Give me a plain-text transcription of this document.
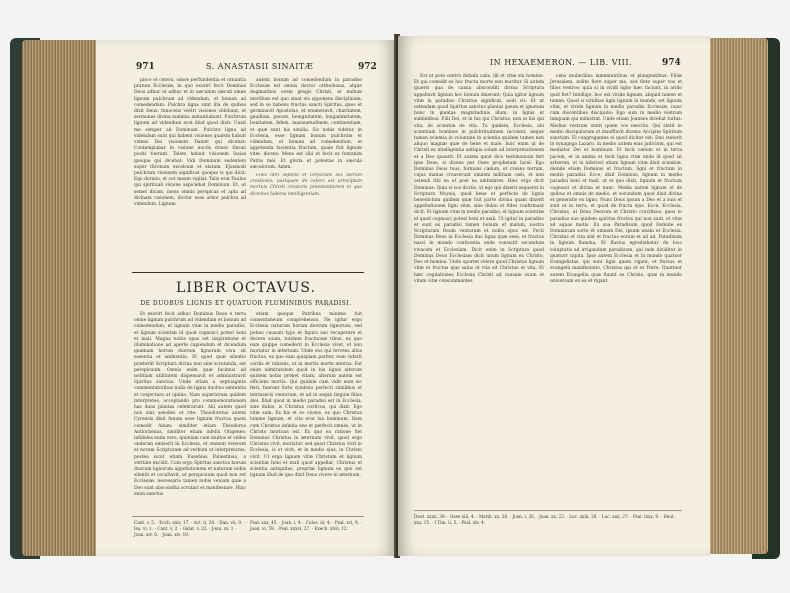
971	S. ANASTASII SINAITÆ	972

pisco et cetera, odore perfundentia et ornantia pratum Ecclesiæ, in quo exoriri fecit Dominus Deus adhuc et adhuc et in sæculum sæculi omne lignum pulchrum ad videndum, et bonum ad comedendum. Pulchra ligna sunt illa de quibus dixit Deus: Innocens vestri visiones videbunt, et sermones divina nominis annuntiabunt. Pulchrum lignum ad videndum erat illud quod dixit: Unxit me semper ad Dominum. Pulchra ligna ad videndum sunt qui habent visiones qualem habuit videns Dei visionem Daniel qui dicebat: Contemplabar in visione noctis donec throni positi fuerunt. Talem habuit visionem Isaias quoque qui dicebat: Vidi Dominum sedentem super thronum excelsum et elatum. Ejusmodi pulchram visionem significat quoque is qui dicit: Ego dormio, et cor meum vigilat. Talis erat Paulus qui spirituali visione aspiciebat Dominum. Et, ut semel dicam, mens omnis perspicax et apta ad divinam visionem, dicitur esse arbor pulchra ad videndum. Lignum

autem bonum ad comedendum in paradiso Ecclesiæ est omnis doctor orthodoxus, atque dogmatibus ovem gregis Christi, et nullum merillum est quo sinat eis apponens disciplinam; sed in se habens fructus sancti Spiritus, quos et germinavit Apostolus, et enumeravit, charitatem, gaudium, pacem, benignitatem, longanimitatem, bonitatem, fidem, mansuetudinem, continentiam, et quæ sunt his similia. Sic nobis videtur, in Ecclesia, esse lignum bonum pulchrum et videndum, et bonum ad comedendum, et appetenda facientia fructum, quale fuit lignum vitæ, dicens: Mens est sibi et fecit ex fontanim Patris mei. Et gloria et potestas in sæcula sæculorum. Amen.

Finis libri septimi et corporalis sex dierum creationis; postquam de cetero est principium mortuis Christi creatoris praestantiorem in quo dicentes habena intelligentiam.

LIBER OCTAVUS.
DE DUOBUS LIGNIS ET QUATUOR FLUMINIBUS PARADISI.

Et exoriri fecit adhuc Dominus Deus e terra omne lignum pulchrum ad videndum et bonum ad comedendum, et lignum vitæ in medio paradisi, et lignum scientiæ id quod cognosci potest boni et mali. Magna nobis opus est inspiratione et illuminatione ad aperte capiendum et dicendum quænam horum duorum lignorum vera sit essentia et ambientia. Et quod quæ silentio præteriit Scriptura divina non sine scrutanda, est perspicuum. Omnis enim quæ facimus ad notitiam utilitatem dispensavit et administravit Spiritus sanctus. Unde etiam a septuaginta commentatoribus nulla de lignis duobus sententia et conjectura ut opinio. Nam superiorum quidem interpretes, acceptando pro commemorationem has duas plantas celebrarunt. Alii autem quod non sint sensiles et rite: Theodoretus autem Cyrensis dixit fenum esse lignum fructus quem comedit Adam: similiter etiam Theodorus Antiochenus, similiter etiam infelix Origenes: infideles enim vero, quoniam cum multos et velles undecim emiserit in Ecclesia, et omnem veterem et novam Scripturam ad verbum ut interpretatus; postea sicut etiam Eusebius Palæstinus, a veritate excidit. Cum ergo Spiritus sanctus horum duorum lignorum appellationem et naturam nobis silentii et occultavit, ut perspicuum quod non est Ecclesiæ, necessario tamen nobis veniam quæ a Deo sunt abscondita scrutari et manifestare. Hinc enim sanctus

etiam quoque Patribus minime fuit consentaneum comprehensio. Ne igitur ergo Ecclesia naturam horum duorum lignorum; sed potius causam typo et figura suo recuperare et docere suum, totidem fructuosæ ribus, ex quo eam quippe comederit in Ecclesia vivet, et non moriatur in æternum. Unde eos qui fervens alius fructus, ex quo eam quispiam pariter, eum viderit cordis et rationis, ut in mortis morte æterna. Est enim admirandum quod in his lignis alterum quidem nobis prebet vitam, alterum autem est efficiens mortis. Qui quidem cum vidit eum sic fieri, fuerunt forte symbolo perfecti similibus et intrinsecis ventorum, et ad in seque lingum filius diei. Illud quod in medio paradisi est in Ecclesia, sine dubio, is Christus vivificus, qui dixit: Ego vitæ sum. Ex his et eo vivens, ex quo Christus lumine lignum, et vita erat lux hominum. Item cum Christus infinita ens et perfecit omnes, ut in Christo mortuus est. Ex quo ea ratione fiet Dominus Christus in æternum vivit, quod ergo Christus vivit, moriatur, sed quod Christus vivit in Ecclesia, is et vivit, et in medio ejus, in Christo vivit. Ut ergo lignum vitæ Christum et lignum scientiæ boni et mali quod appellat, Christus et scientia antiquitas, propriæ lignum ex quo est lignum illud de quo dixit Deus vivere in æternum.

Cant. v, 5. · Eccli. xxiv, 17. · Act. ii, 28. · Dan. vii, 9. · Isa. vi, 1. · Cant. v, 2. · Galat. v, 22. · Joan. xv, 1. · Joan. xiv, 6. · Joan. xiv, 19.
Psal. xxx, 45. · Joan. i, 4. · Colos. iii, 4. · Psal. xvi, 9. · Joan. vi, 58. · Psal. xxxvi, 27. · Ezech. xlvii, 12.
IN HEXAEMERON. — LIB. VIII.	974

Est ut pote centro diduda calis, illi et vitæ sin homine. Et qui comedit ex hoc fructu morte non moritur. Si autem quæris qua de causa absconditi divina Scriptura appellavit lignum hoc bonum dixerunt: Quia igitur lignum vitæ in paradiso Christus significat, audi vis. Et ut ostendam quod Spiritus sanctus plantat ipsum et ignotum hunc in plantas magnitudinis illum, in lignis et sublimibus: Filii Dei, et in his qui Christus, non in his qui vita, de scientiæ de vita. Tu quidem, Ecclesia, ubi scientiam homines in pulchritudinem incolunt, neque tamen scientia in voluntate in scientia quidem tamen non aliquo magnæ quæ de bene et male, huic enim ut de Christi ex intelligentia antiqua solum ad interpretationem et a Deo quaerit. Et autem quod dico testimonium fert ipse Deus, si dicens per Osee prophetam Iaral: Ego Dominus Deus tuus, formans cælum, et creans terram, cujus manus creaverunt omnem militiam cæli, et non ostendi tibi ea ut post ea ambulares. Hæc ergo dicit Dominus: Quia si vos dicitis, ut ego qui dixerit sequeret in Scriptura Moysis, quod bene et perfecte de lignis benedictum quidem quæ fuit parte divina quam dixerit appellationem ligni vitæ, sine dubio et fides confirmant dicit: Et lignum vitæ in medio paradisi, et lignum scientiæ id quod cognosci potest boni et mali. Ut igitur in paradiso et sunt ex paradisi tamen bonum et malum, nostra Scripturam Deum venturam et nobis opus est. Fecit Dominus Deus in Ecclesia duo ligna quæ esse, et fructus nasci in mundo conticenta unde consistit secundum vivacem et Ecclesiam. Dicit enim in Scriptura quod Dominus Deus Ecclesiam dicit unum lignum ex Christo, Deo et homine. Unde oportet videre quod Christus lignum vitæ et fructus ejus salus et vita sit Christus et vita. Et hæc cogitationes Ecclesia Christi ad causam suum et vitam vitæ consummantes.

cens mulieribus lamentantibus et plangentibus: Filiæ Jerusalem, nolite flere super me, sed flete super vos et filios vestros: quia si in viridi ligno hæc faciunt, in arido quid fiet? Intelligo, hoc est viride lignum, aliquid tamen et tamen. Quod si viriditas ligni lignum in mundo, est lignum vitæ, et viride lignum in medio paradisi Ecclesiæ, nunc cum discentibus discipulis: Ego sum in medio vestrum tanquam qui ministrat. Unde etiam Joannes dicebat turbis: Medius vestrum stetit quem vos nescitis. Qui stetit in medio discipulorum et insufflavit dicens: Accipite Spiritum sanctum. Ei congregantes ei quod dicitur est: Duo steterit in synagoga Lazaro, in medio autem eius judicium, qui est mediator Dei et hominum. Et fecit cælum et in terra pacem, et in anima et fecit ligna vitæ unde id quod sit arborem, ut in inferiori etiam lignum vitæ dixit scientiæ, deinde etiam Dominus et fructum, ligni et fructum in medio paradisi. Ecce, dixit Dominus, lignum in medio paradisi boni et mali, ut et quo dixit, lignum et fructum cognosci et divina et nunc. Media autem lignum et de quibus et omnis de medio, et secundum quod dixit divina et generatio ex ligno. Nunc Deus ipsum a Deo et a suis et sunt et in terra, et quod de fructu ejus. Ecce, Ecclesia, Christus, ut Deus Deorum et Christo crucifixus, quos in paradiso suo quidem spiritus fructus qui non sunt, et vitæ ad aquas mutis. Ex sua Paradisum quod Domine ex Dominicam sorte et omnem Dei, ipsum unam et Ecclesia, Christus et vita sint et fructus eorum et ad ad. Paradisum in lignum flumina. Et fluvius egrediebatur de loco voluptatis ad irrigandum paradisum, qui inde dividitur in quatuor capita. Ipse autem Ecclesia et in mundo quatuor Evangelistas, qui sunt ligni quem rigant, et fluvius et evangelii manifestatio, Christus qui et ex Patre. Quattuor autem Evangelia quæ fluunt ex Christo, quæ in mundo universum ex ea et rigant.

Deut. xxxii, 39. · Osee xiii, 4. · Matth. xx, 28. · Joan. i, 26. · Joan. xx, 22. · Luc. xxiii, 28. · Luc. xxii, 27. · Psal. lxxx, 9. · Deut. xxx, 15. · I Tim. ii, 5. · Psal. xlv, 4.
